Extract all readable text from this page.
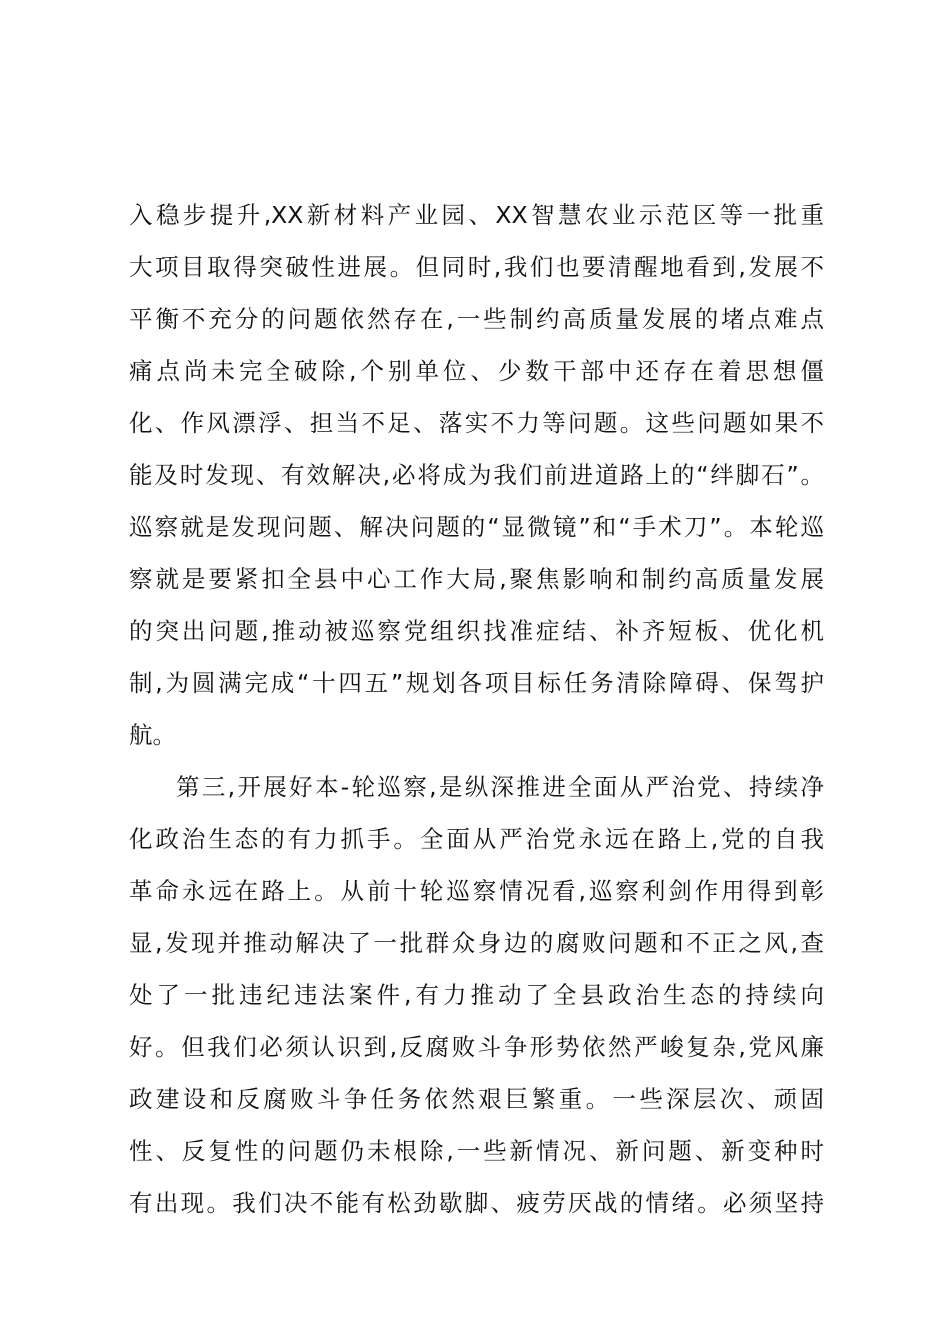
入稳步提升,XX新材料产业园、XX智慧农业示范区等一批重
大项目取得突破性进展。但同时,我们也要清醒地看到,发展不
平衡不充分的问题依然存在,一些制约高质量发展的堵点难点
痛点尚未完全破除,个别单位、少数干部中还存在着思想僵
化、作风漂浮、担当不足、落实不力等问题。这些问题如果不
能及时发现、有效解决,必将成为我们前进道路上的“绊脚石”。
巡察就是发现问题、解决问题的“显微镜”和“手术刀”。本轮巡
察就是要紧扣全县中心工作大局,聚焦影响和制约高质量发展
的突出问题,推动被巡察党组织找准症结、补齐短板、优化机
制,为圆满完成“十四五”规划各项目标任务清除障碍、保驾护
航。
第三,开展好本-轮巡察,是纵深推进全面从严治党、持续净
化政治生态的有力抓手。全面从严治党永远在路上,党的自我
革命永远在路上。从前十轮巡察情况看,巡察利剑作用得到彰
显,发现并推动解决了一批群众身边的腐败问题和不正之风,查
处了一批违纪违法案件,有力推动了全县政治生态的持续向
好。但我们必须认识到,反腐败斗争形势依然严峻复杂,党风廉
政建设和反腐败斗争任务依然艰巨繁重。一些深层次、顽固
性、反复性的问题仍未根除,一些新情况、新问题、新变种时
有出现。我们决不能有松劲歇脚、疲劳厌战的情绪。必须坚持
